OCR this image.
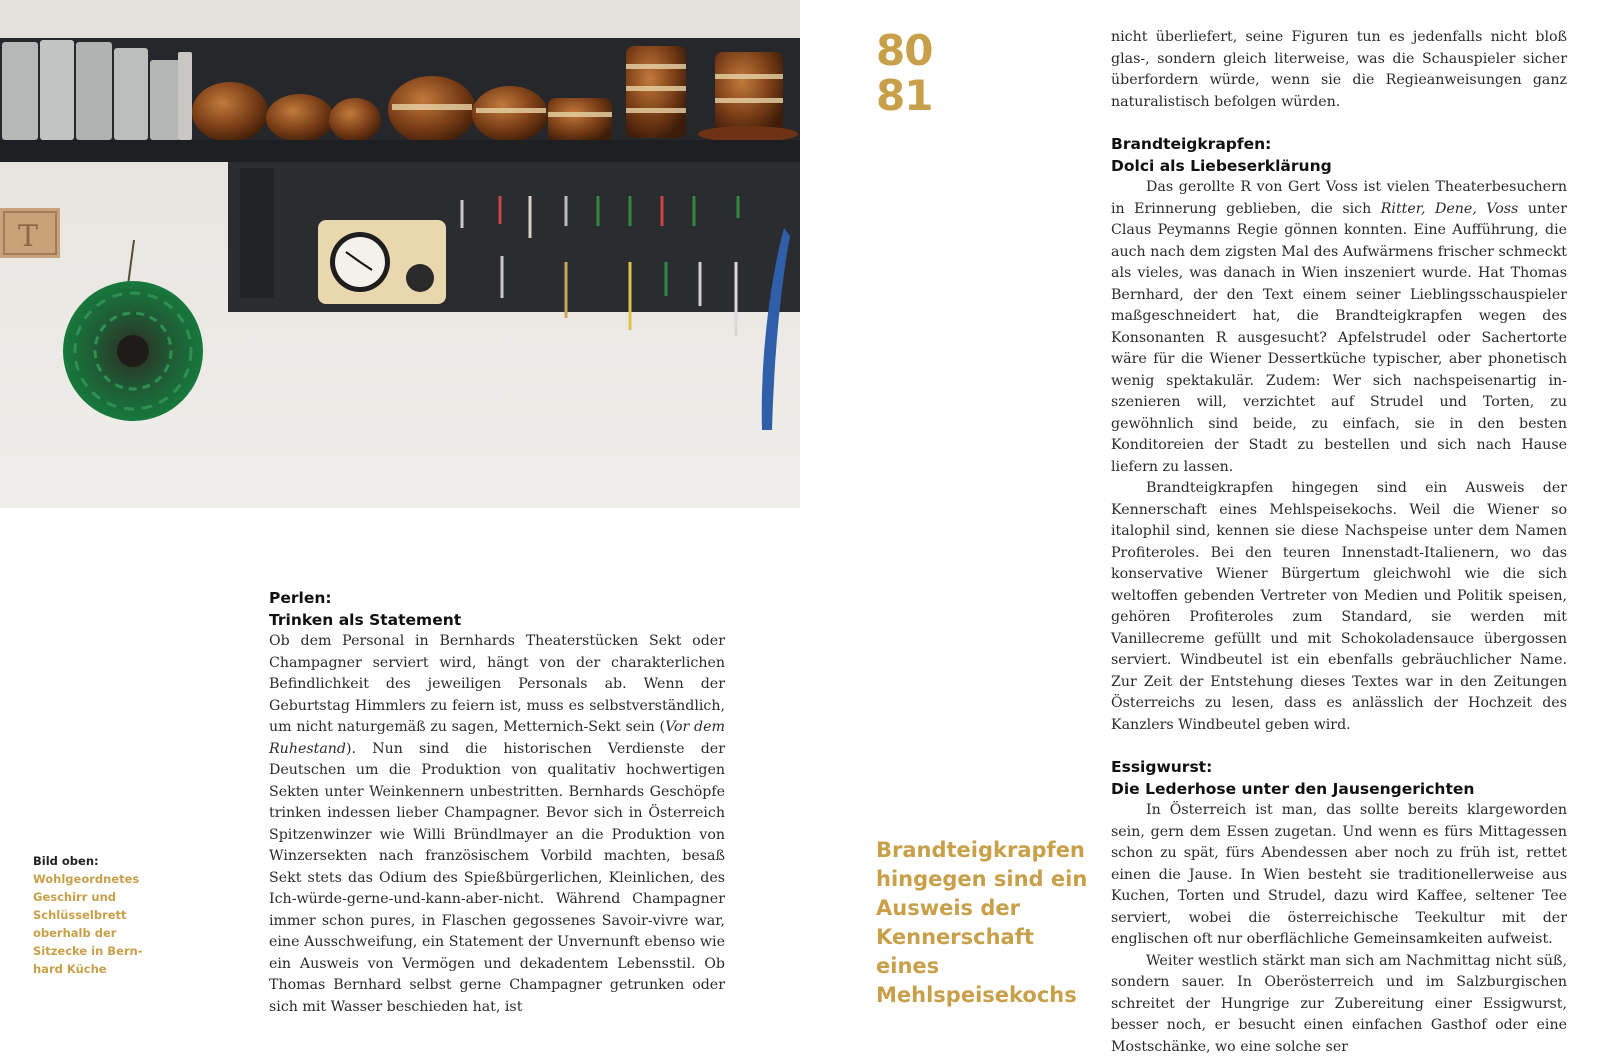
T
80
81
Bild oben:
Wohlgeordnetes Geschirr und Schlüsselbrett oberhalb der Sitzecke in Bern-hard Küche
Perlen:
Trinken als Statement

Ob dem Personal in Bernhards Theaterstücken Sekt oder Champagner serviert wird, hängt von der charakterlichen Befindlichkeit des jeweiligen Personals ab. Wenn der Geburtstag Himmlers zu feiern ist, muss es selbstverständlich, um nicht naturgemäß zu sagen, Metternich-Sekt sein (Vor dem Ruhestand). Nun sind die historischen Verdienste der Deutschen um die Produktion von qualitativ hochwertigen Sekten unter Weinkennern unbestritten. Bernhards Geschöpfe trinken indessen lieber Champagner. Bevor sich in Österreich Spitzenwinzer wie Willi Bründlmayer an die Produktion von Winzersekten nach französischem Vorbild machten, besaß Sekt stets das Odium des Spießbürgerlichen, Kleinlichen, des Ich-würde-gerne-und-kann-aber-nicht. Während Champagner immer schon pures, in Flaschen gegossenes Savoir-vivre war, eine Ausschweifung, ein Statement der Unvernunft ebenso wie ein Ausweis von Vermögen und dekadentem Lebensstil. Ob Thomas Bernhard selbst gerne Champagner getrunken oder sich mit Wasser beschieden hat, ist

Brandteigkrapfen hingegen sind ein Ausweis der Kennerschaft eines Mehlspeisekochs

nicht überliefert, seine Figuren tun es jedenfalls nicht bloß glas-, sondern gleich literweise, was die Schauspieler sicher überfordern würde, wenn sie die Regieanweisungen ganz naturalistisch befolgen würden.

Brandteigkrapfen:
Dolci als Liebeserklärung

Das gerollte R von Gert Voss ist vielen Theaterbesuchern in Erinnerung geblieben, die sich Ritter, Dene, Voss unter Claus Peymanns Regie gönnen konnten. Eine Aufführung, die auch nach dem zigsten Mal des Aufwärmens frischer schmeckt als vieles, was danach in Wien inszeniert wurde. Hat Thomas Bernhard, der den Text einem seiner Lieblingsschauspieler maßgeschneidert hat, die Brandteigkrapfen wegen des Konsonanten R ausgesucht? Apfelstrudel oder Sachertorte wäre für die Wiener Dessertküche typischer, aber phonetisch wenig spektakulär. Zudem: Wer sich nachspeisenartig inszenieren will, verzichtet auf Strudel und Torten, zu gewöhnlich sind beide, zu einfach, sie in den besten Konditoreien der Stadt zu bestellen und sich nach Hause liefern zu lassen.

Brandteigkrapfen hingegen sind ein Ausweis der Kennerschaft eines Mehlspeisekochs. Weil die Wiener so italophil sind, kennen sie diese Nachspeise unter dem Namen Profiteroles. Bei den teuren Innenstadt-Italienern, wo das konservative Wiener Bürgertum gleichwohl wie die sich weltoffen gebenden Vertreter von Medien und Politik speisen, gehören Profiteroles zum Standard, sie werden mit Vanillecreme gefüllt und mit Schokoladensauce übergossen serviert. Windbeutel ist ein ebenfalls gebräuchlicher Name. Zur Zeit der Entstehung dieses Textes war in den Zeitungen Österreichs zu lesen, dass es anlässlich der Hochzeit des Kanzlers Windbeutel geben wird.

Essigwurst:
Die Lederhose unter den Jausengerichten

In Österreich ist man, das sollte bereits klargeworden sein, gern dem Essen zugetan. Und wenn es fürs Mittagessen schon zu spät, fürs Abendessen aber noch zu früh ist, rettet einen die Jause. In Wien besteht sie traditionellerweise aus Kuchen, Torten und Strudel, dazu wird Kaffee, seltener Tee serviert, wobei die österreichische Teekultur mit der englischen oft nur oberflächliche Gemeinsamkeiten aufweist.

Weiter westlich stärkt man sich am Nachmittag nicht süß, sondern sauer. In Oberösterreich und im Salzburgischen schreitet der Hungrige zur Zubereitung einer Essigwurst, besser noch, er besucht einen einfachen Gasthof oder eine Mostschänke, wo eine solche ser
